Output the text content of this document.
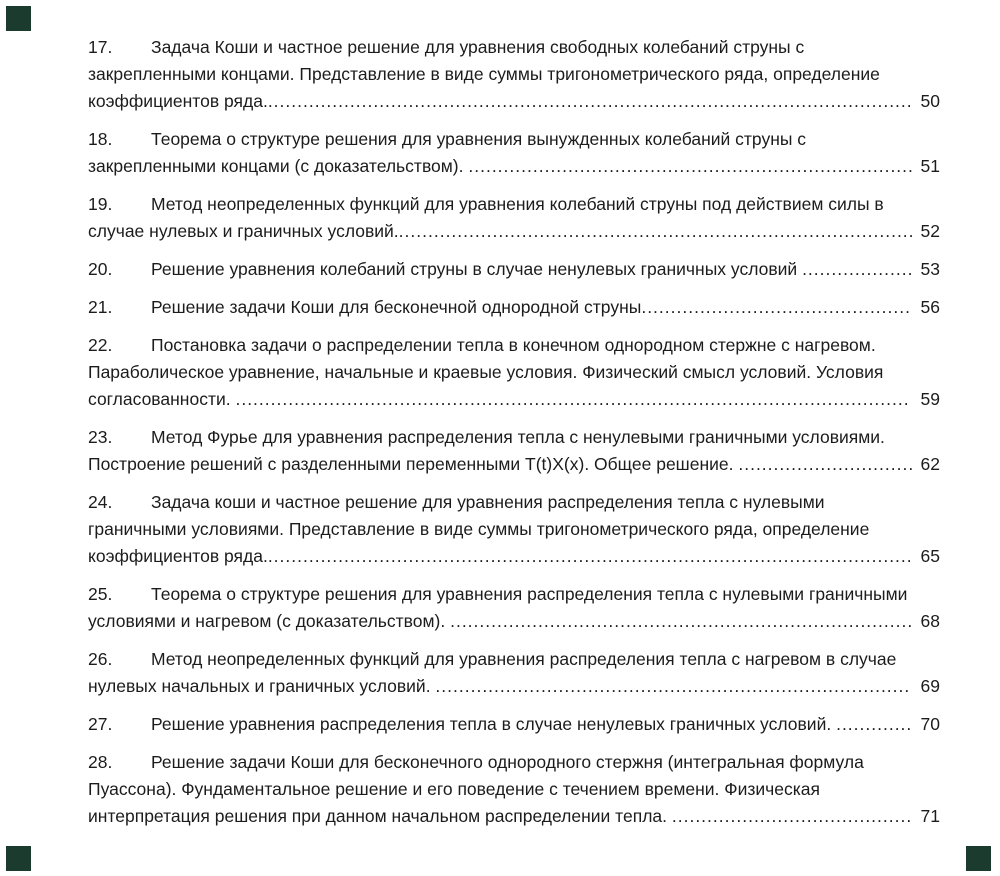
17. Задача Коши и частное решение для уравнения свободных колебаний струны с
закрепленными концами. Представление в виде суммы тригонометрического ряда, определение
коэффициентов ряда............................................................................................................... 50

18. Теорема о структуре решения для уравнения вынужденных колебаний струны с
закрепленными концами (с доказательством). ............................................................................ 51

19. Метод неопределенных функций для уравнения колебаний струны под действием силы в
случае нулевых и граничных условий......................................................................................... 52

20. Решение уравнения колебаний струны в случае ненулевых граничных условий ................... 53

21. Решение задачи Коши для бесконечной однородной струны.............................................. 56

22. Постановка задачи о распределении тепла в конечном однородном стержне с нагревом.
Параболическое уравнение, начальные и краевые условия. Физический смысл условий. Условия
согласованности. ................................................................................................................... 59

23. Метод Фурье для уравнения распределения тепла с ненулевыми граничными условиями.
Построение решений с разделенными переменными T(t)X(x). Общее решение. .............................. 62

24. Задача коши и частное решение для уравнения распределения тепла с нулевыми
граничными условиями. Представление в виде суммы тригонометрического ряда, определение
коэффициентов ряда............................................................................................................... 65

25. Теорема о структуре решения для уравнения распределения тепла с нулевыми граничными
условиями и нагревом (с доказательством). ............................................................................... 68

26. Метод неопределенных функций для уравнения распределения тепла с нагревом в случае
нулевых начальных и граничных условий. ................................................................................. 69

27. Решение уравнения распределения тепла в случае ненулевых граничных условий. ............. 70

28. Решение задачи Коши для бесконечного однородного стержня (интегральная формула
Пуассона). Фундаментальное решение и его поведение с течением времени. Физическая
интерпретация решения при данном начальном распределении тепла. ......................................... 71
